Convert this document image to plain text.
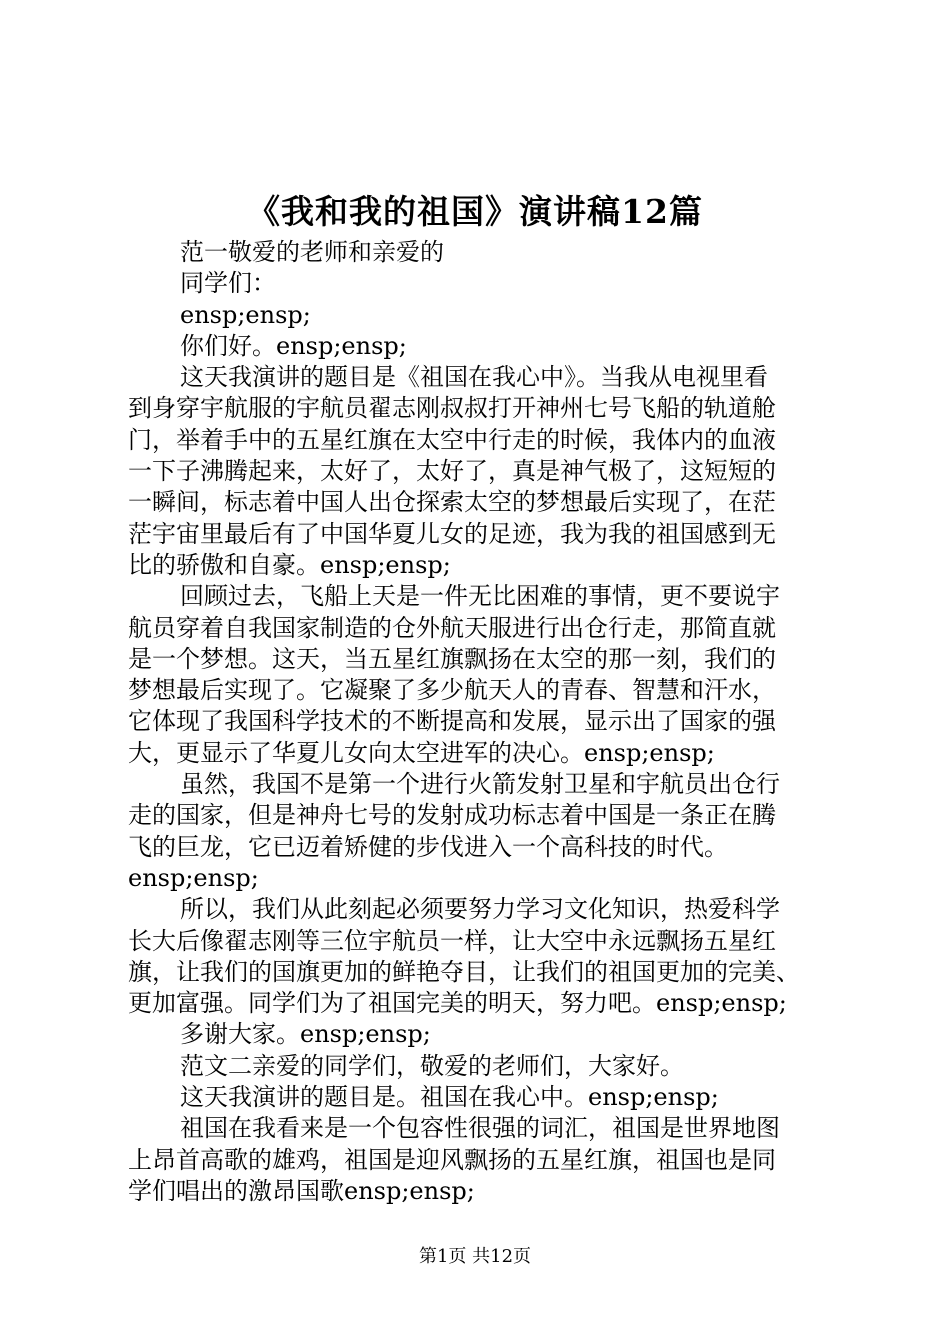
《我和我的祖国》演讲稿12篇
范一敬爱的老师和亲爱的
同学们：
ensp;ensp;
你们好。ensp;ensp;
这天我演讲的题目是《祖国在我心中》。当我从电视里看
到身穿宇航服的宇航员翟志刚叔叔打开神州七号飞船的轨道舱
门，举着手中的五星红旗在太空中行走的时候，我体内的血液
一下子沸腾起来，太好了，太好了，真是神气极了，这短短的
一瞬间，标志着中国人出仓探索太空的梦想最后实现了，在茫
茫宇宙里最后有了中国华夏儿女的足迹，我为我的祖国感到无
比的骄傲和自豪。ensp;ensp;
回顾过去，飞船上天是一件无比困难的事情，更不要说宇
航员穿着自我国家制造的仓外航天服进行出仓行走，那简直就
是一个梦想。这天，当五星红旗飘扬在太空的那一刻，我们的
梦想最后实现了。它凝聚了多少航天人的青春、智慧和汗水，
它体现了我国科学技术的不断提高和发展，显示出了国家的强
大，更显示了华夏儿女向太空进军的决心。ensp;ensp;
虽然，我国不是第一个进行火箭发射卫星和宇航员出仓行
走的国家，但是神舟七号的发射成功标志着中国是一条正在腾
飞的巨龙，它已迈着矫健的步伐进入一个高科技的时代。
ensp;ensp;
所以，我们从此刻起必须要努力学习文化知识，热爱科学
长大后像翟志刚等三位宇航员一样，让大空中永远飘扬五星红
旗，让我们的国旗更加的鲜艳夺目，让我们的祖国更加的完美、
更加富强。同学们为了祖国完美的明天，努力吧。ensp;ensp;
多谢大家。ensp;ensp;
范文二亲爱的同学们，敬爱的老师们，大家好。
这天我演讲的题目是。祖国在我心中。ensp;ensp;
祖国在我看来是一个包容性很强的词汇，祖国是世界地图
上昂首高歌的雄鸡，祖国是迎风飘扬的五星红旗，祖国也是同
学们唱出的激昂国歌ensp;ensp;
第1页 共12页
